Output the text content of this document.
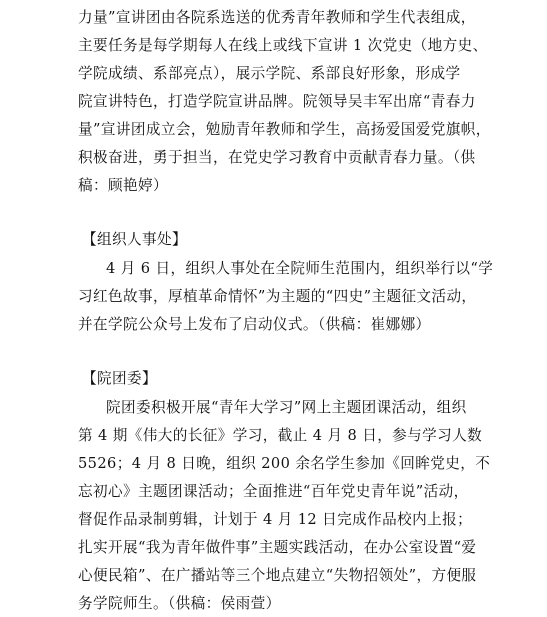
力量”宣讲团由各院系选送的优秀青年教师和学生代表组成，
主要任务是每学期每人在线上或线下宣讲 1 次党史（地方史、
学院成绩、系部亮点），展示学院、系部良好形象，形成学
院宣讲特色，打造学院宣讲品牌。院领导吴丰军出席“青春力
量”宣讲团成立会，勉励青年教师和学生，高扬爱国爱党旗帜，
积极奋进，勇于担当，在党史学习教育中贡献青春力量。（供
稿：顾艳婷）
【组织人事处】
4 月 6 日，组织人事处在全院师生范围内，组织举行以“学
习红色故事，厚植革命情怀”为主题的“四史”主题征文活动，
并在学院公众号上发布了启动仪式。（供稿：崔娜娜）
【院团委】
院团委积极开展“青年大学习”网上主题团课活动，组织
第 4 期《伟大的长征》学习，截止 4 月 8 日，参与学习人数
5526；4 月 8 日晚，组织 200 余名学生参加《回眸党史，不
忘初心》主题团课活动；全面推进“百年党史青年说”活动，
督促作品录制剪辑，计划于 4 月 12 日完成作品校内上报；
扎实开展“我为青年做件事”主题实践活动，在办公室设置“爱
心便民箱”、在广播站等三个地点建立“失物招领处”，方便服
务学院师生。（供稿：侯雨萱）
